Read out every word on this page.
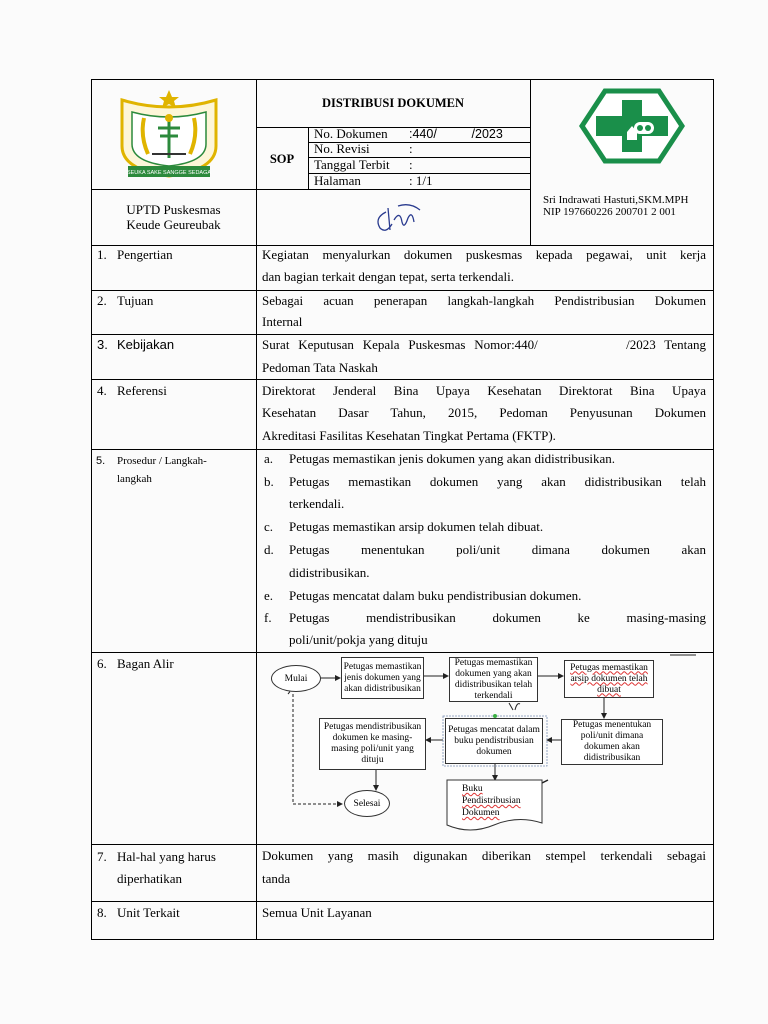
SEUKA SAKE SANGGE SEDAGA
DISTRIBUSI DOKUMEN
SOP
No. Dokumen :440/          /2023
No. Revisi	:
Tanggal Terbit :
Halaman	: 1/1
UPTD Puskesmas
Keude Geureubak
Sri Indrawati Hastuti,SKM.MPH
NIP 197660226 200701 2 001
1. Pengertian	Kegiatan menyalurkan dokumen puskesmas kepada pegawai, unit kerja
dan bagian terkait dengan tepat, serta terkendali.
2. Tujuan	Sebagai acuan penerapan langkah-langkah Pendistribusian Dokumen
Internal
3. Kebijakan	Surat Keputusan Kepala Puskesmas Nomor:440/          /2023 Tentang
Pedoman Tata Naskah
4. Referensi	Direktorat Jenderal Bina Upaya Kesehatan Direktorat Bina Upaya
Kesehatan Dasar Tahun, 2015, Pedoman Penyusunan Dokumen
Akreditasi Fasilitas Kesehatan Tingkat Pertama (FKTP).
5. Prosedur / Langkah-
langkah
a. Petugas memastikan jenis dokumen yang akan didistribusikan.
b. Petugas memastikan dokumen yang akan didistribusikan telah
terkendali.
c. Petugas memastikan arsip dokumen telah dibuat.
d. Petugas menentukan poli/unit dimana dokumen akan
didistribusikan.
e. Petugas mencatat dalam buku pendistribusian dokumen.
f. Petugas mendistribusikan dokumen ke masing-masing
poli/unit/pokja yang dituju
6. Bagan Alir
Mulai
Petugas memastikan jenis dokumen yang akan didistribusikan
Petugas memastikan dokumen yang akan didistribusikan telah terkendali
Petugas memastikan arsip dokumen telah dibuat
Petugas menentukan poli/unit dimana dokumen akan didistribusikan
Petugas mencatat dalam buku pendistribusian dokumen
Petugas mendistribusikan dokumen ke masing-masing poli/unit yang dituju
Selesai
Buku Pendistribusian Dokumen
7. Hal-hal yang harus
diperhatikan
Dokumen yang masih digunakan diberikan stempel terkendali sebagai
tanda
8. Unit Terkait	Semua Unit Layanan
